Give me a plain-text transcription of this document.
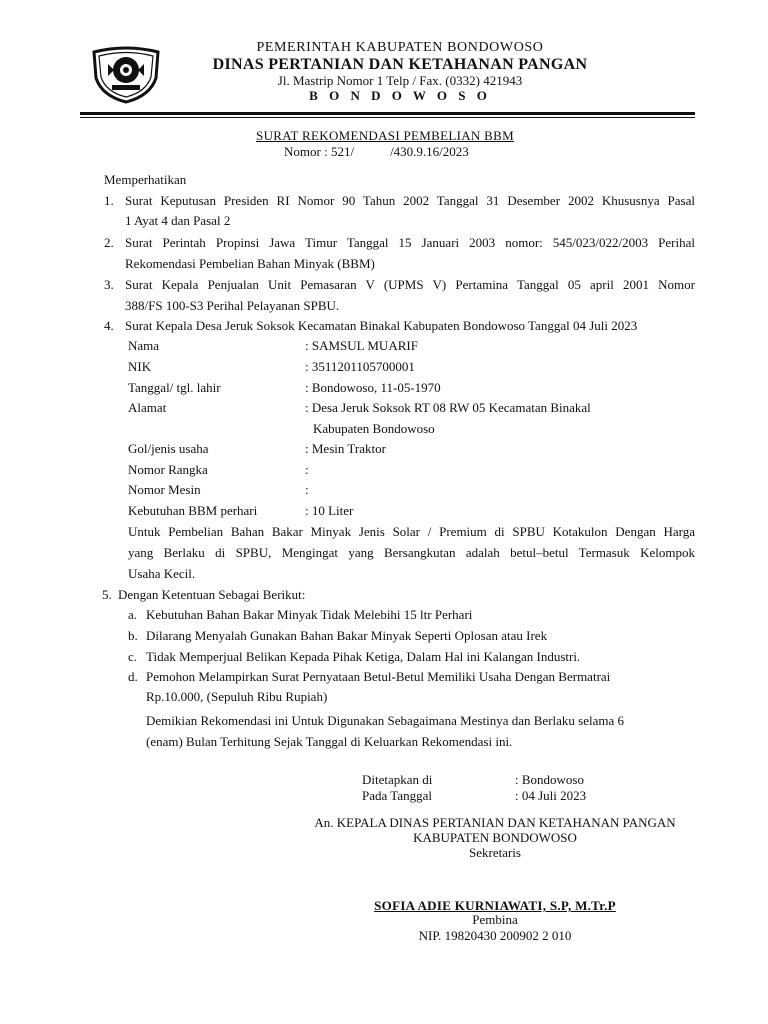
PEMERINTAH KABUPATEN BONDOWOSO
DINAS PERTANIAN DAN KETAHANAN PANGAN
Jl. Mastrip Nomor 1 Telp / Fax. (0332) 421943
B O N D O W O S O
SURAT REKOMENDASI PEMBELIAN BBM
Nomor : 521/	/430.9.16/2023
Memperhatikan
1. Surat Keputusan Presiden RI Nomor 90 Tahun 2002 Tanggal 31 Desember 2002 Khususnya Pasal
1 Ayat 4 dan Pasal 2
2. Surat Perintah Propinsi Jawa Timur Tanggal 15 Januari 2003 nomor: 545/023/022/2003 Perihal
Rekomendasi Pembelian Bahan Minyak (BBM)
3. Surat Kepala Penjualan Unit Pemasaran V (UPMS V) Pertamina Tanggal 05 april 2001 Nomor
388/FS 100-S3 Perihal Pelayanan SPBU.
4. Surat Kepala Desa Jeruk Soksok Kecamatan Binakal Kabupaten Bondowoso Tanggal 04 Juli 2023
Nama	: SAMSUL MUARIF
NIK	: 3511201105700001
Tanggal/ tgl. lahir	: Bondowoso, 11-05-1970
Alamat	: Desa Jeruk Soksok RT 08 RW 05 Kecamatan Binakal
Kabupaten Bondowoso
Gol/jenis usaha	: Mesin Traktor
Nomor Rangka	:
Nomor Mesin	:
Kebutuhan BBM perhari	: 10 Liter
Untuk Pembelian Bahan Bakar Minyak Jenis Solar / Premium di SPBU Kotakulon Dengan Harga
yang Berlaku di SPBU, Mengingat yang Bersangkutan adalah betul–betul Termasuk Kelompok
Usaha Kecil.
5. Dengan Ketentuan Sebagai Berikut:
a. Kebutuhan Bahan Bakar Minyak Tidak Melebihi 15 ltr Perhari
b. Dilarang Menyalah Gunakan Bahan Bakar Minyak Seperti Oplosan atau Irek
c. Tidak Memperjual Belikan Kepada Pihak Ketiga, Dalam Hal ini Kalangan Industri.
d. Pemohon Melampirkan Surat Pernyataan Betul-Betul Memiliki Usaha Dengan Bermatrai
Rp.10.000, (Sepuluh Ribu Rupiah)
Demikian Rekomendasi ini Untuk Digunakan Sebagaimana Mestinya dan Berlaku selama 6
(enam) Bulan Terhitung Sejak Tanggal di Keluarkan Rekomendasi ini.
Ditetapkan di	: Bondowoso
Pada Tanggal	: 04 Juli 2023
An. KEPALA DINAS PERTANIAN DAN KETAHANAN PANGAN
KABUPATEN BONDOWOSO
Sekretaris
SOFIA ADIE KURNIAWATI, S.P, M.Tr.P
Pembina
NIP. 19820430 200902 2 010
